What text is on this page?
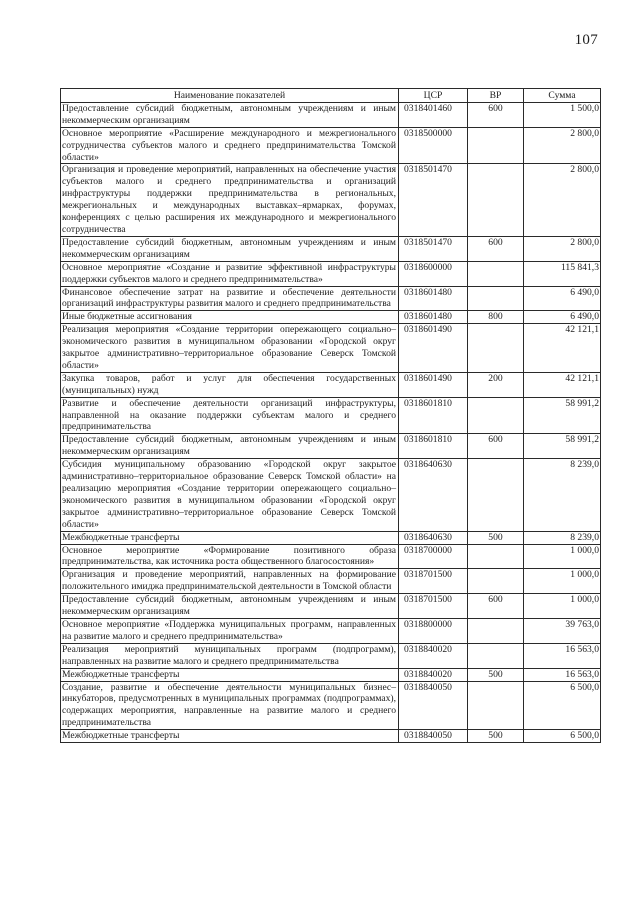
107
Наименование показателей	ЦСР	ВР	Сумма
Предоставление субсидий бюджетным, автономным учреждениям и иным некоммерческим организациям	0318401460	600	1 500,0
Основное мероприятие «Расширение международного и межрегионального сотрудничества субъектов малого и среднего предпринимательства Томской области»	0318500000		2 800,0
Организация и проведение мероприятий, направленных на обеспечение участия субъектов малого и среднего предпринимательства и организаций инфраструктуры поддержки предпринимательства в региональных, межрегиональных и международных выставках–ярмарках, форумах, конференциях с целью расширения их международного и межрегионального сотрудничества	0318501470		2 800,0
Предоставление субсидий бюджетным, автономным учреждениям и иным некоммерческим организациям	0318501470	600	2 800,0
Основное мероприятие «Создание и развитие эффективной инфраструктуры поддержки субъектов малого и среднего предпринимательства»	0318600000		115 841,3
Финансовое обеспечение затрат на развитие и обеспечение деятельности организаций инфраструктуры развития малого и среднего предпринимательства	0318601480		6 490,0
Иные бюджетные ассигнования	0318601480	800	6 490,0
Реализация мероприятия «Создание территории опережающего социально–экономического развития в муниципальном образовании «Городской округ закрытое административно–территориальное образование Северск Томской области»	0318601490		42 121,1
Закупка товаров, работ и услуг для обеспечения государственных (муниципальных) нужд	0318601490	200	42 121,1
Развитие и обеспечение деятельности организаций инфраструктуры, направленной на оказание поддержки субъектам малого и среднего предпринимательства	0318601810		58 991,2
Предоставление субсидий бюджетным, автономным учреждениям и иным некоммерческим организациям	0318601810	600	58 991,2
Субсидия муниципальному образованию «Городской округ закрытое административно–территориальное образование Северск Томской области» на реализацию мероприятия «Создание территории опережающего социально–экономического развития в муниципальном образовании «Городской округ закрытое административно–территориальное образование Северск Томской области»	0318640630		8 239,0
Межбюджетные трансферты	0318640630	500	8 239,0
Основное мероприятие «Формирование позитивного образа предпринимательства, как источника роста общественного благосостояния»	0318700000		1 000,0
Организация и проведение мероприятий, направленных на формирование положительного имиджа предпринимательской деятельности в Томской области	0318701500		1 000,0
Предоставление субсидий бюджетным, автономным учреждениям и иным некоммерческим организациям	0318701500	600	1 000,0
Основное мероприятие «Поддержка муниципальных программ, направленных на развитие малого и среднего предпринимательства»	0318800000		39 763,0
Реализация мероприятий муниципальных программ (подпрограмм), направленных на развитие малого и среднего предпринимательства	0318840020		16 563,0
Межбюджетные трансферты	0318840020	500	16 563,0
Создание, развитие и обеспечение деятельности муниципальных бизнес–инкубаторов, предусмотренных в муниципальных программах (подпрограммах), содержащих мероприятия, направленные на развитие малого и среднего предпринимательства	0318840050		6 500,0
Межбюджетные трансферты	0318840050	500	6 500,0
